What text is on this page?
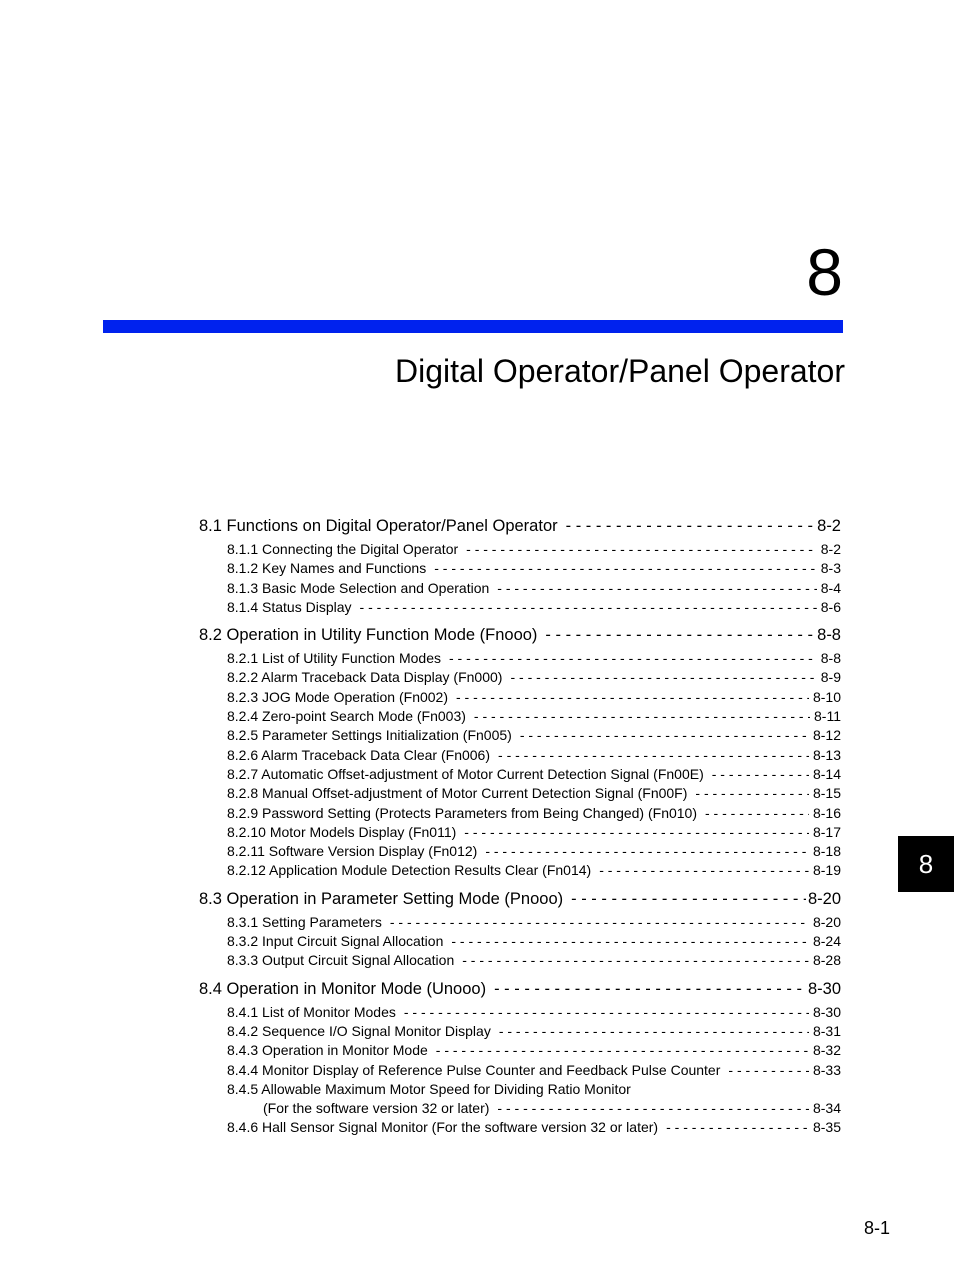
8
Digital Operator/Panel Operator
8.1 Functions on Digital Operator/Panel Operator - - -	8-2
8.1.1 Connecting the Digital Operator - - -	8-2
8.1.2 Key Names and Functions - - -	8-3
8.1.3 Basic Mode Selection and Operation - - -	8-4
8.1.4 Status Display - - -	8-6
8.2 Operation in Utility Function Mode (Fnooo) - - -	8-8
8.2.1 List of Utility Function Modes - - -	8-8
8.2.2 Alarm Traceback Data Display (Fn000) - - -	8-9
8.2.3 JOG Mode Operation (Fn002) - - -	8-10
8.2.4 Zero-point Search Mode (Fn003) - - -	8-11
8.2.5 Parameter Settings Initialization (Fn005) - - -	8-12
8.2.6 Alarm Traceback Data Clear (Fn006) - - -	8-13
8.2.7 Automatic Offset-adjustment of Motor Current Detection Signal (Fn00E) - - -	8-14
8.2.8 Manual Offset-adjustment of Motor Current Detection Signal (Fn00F) - - -	8-15
8.2.9 Password Setting (Protects Parameters from Being Changed) (Fn010) - - -	8-16
8.2.10 Motor Models Display (Fn011) - - -	8-17
8.2.11 Software Version Display (Fn012) - - -	8-18
8.2.12 Application Module Detection Results Clear (Fn014) - - -	8-19
8.3 Operation in Parameter Setting Mode (Pnooo) - - -	8-20
8.3.1 Setting Parameters - - -	8-20
8.3.2 Input Circuit Signal Allocation - - -	8-24
8.3.3 Output Circuit Signal Allocation - - -	8-28
8.4 Operation in Monitor Mode (Unooo) - - -	8-30
8.4.1 List of Monitor Modes - - -	8-30
8.4.2 Sequence I/O Signal Monitor Display - - -	8-31
8.4.3 Operation in Monitor Mode - - -	8-32
8.4.4 Monitor Display of Reference Pulse Counter and Feedback Pulse Counter - - -	8-33
8.4.5 Allowable Maximum Motor Speed for Dividing Ratio Monitor
(For the software version 32 or later) - - -	8-34
8.4.6 Hall Sensor Signal Monitor (For the software version 32 or later) - - -	8-35
8
8-1
